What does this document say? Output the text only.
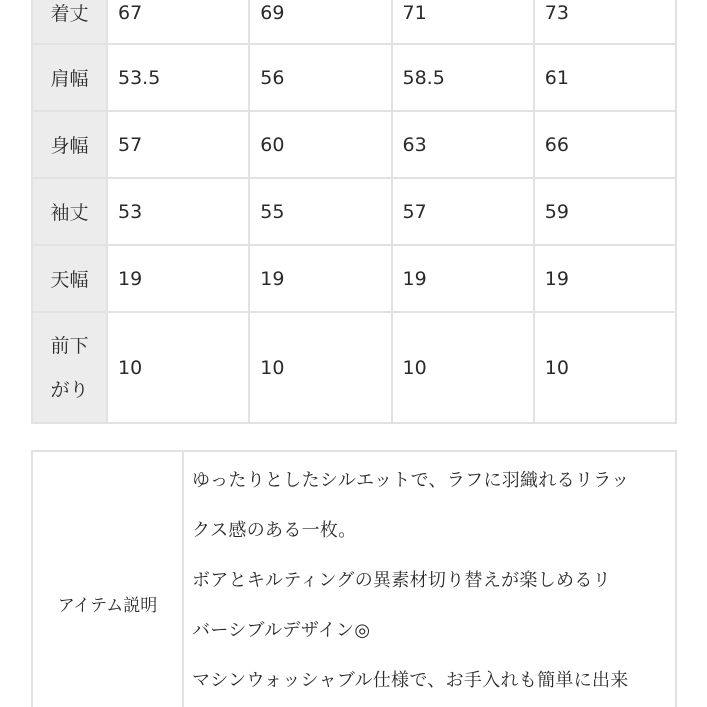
着丈	67	69	71	73
肩幅	53.5	56	58.5	61
身幅	57	60	63	66
袖丈	53	55	57	59
天幅	19	19	19	19

前下
がり	10	10	10	10
アイテム説明	
ゆったりとしたシルエットで、ラフに羽織れるリラッ
クス感のある一枚。
ボアとキルティングの異素材切り替えが楽しめるリ
バーシブルデザイン◎
マシンウォッシャブル仕様で、お手入れも簡単に出来
